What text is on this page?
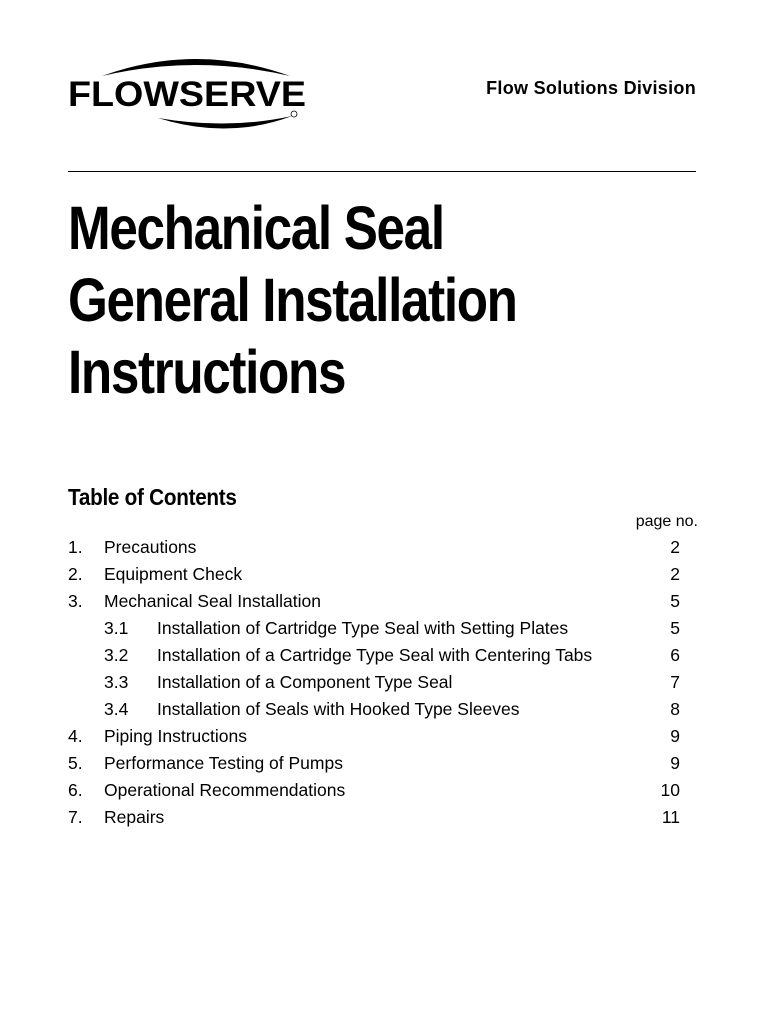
FLOWSERVE	Flow Solutions Division
Mechanical Seal
General Installation
Instructions
Table of Contents
page no.
1. Precautions	2
2. Equipment Check	2
3. Mechanical Seal Installation	5
3.1 Installation of Cartridge Type Seal with Setting Plates	5
3.2 Installation of a Cartridge Type Seal with Centering Tabs	6
3.3 Installation of a Component Type Seal	7
3.4 Installation of Seals with Hooked Type Sleeves	8
4. Piping Instructions	9
5. Performance Testing of Pumps	9
6. Operational Recommendations	10
7. Repairs	11
